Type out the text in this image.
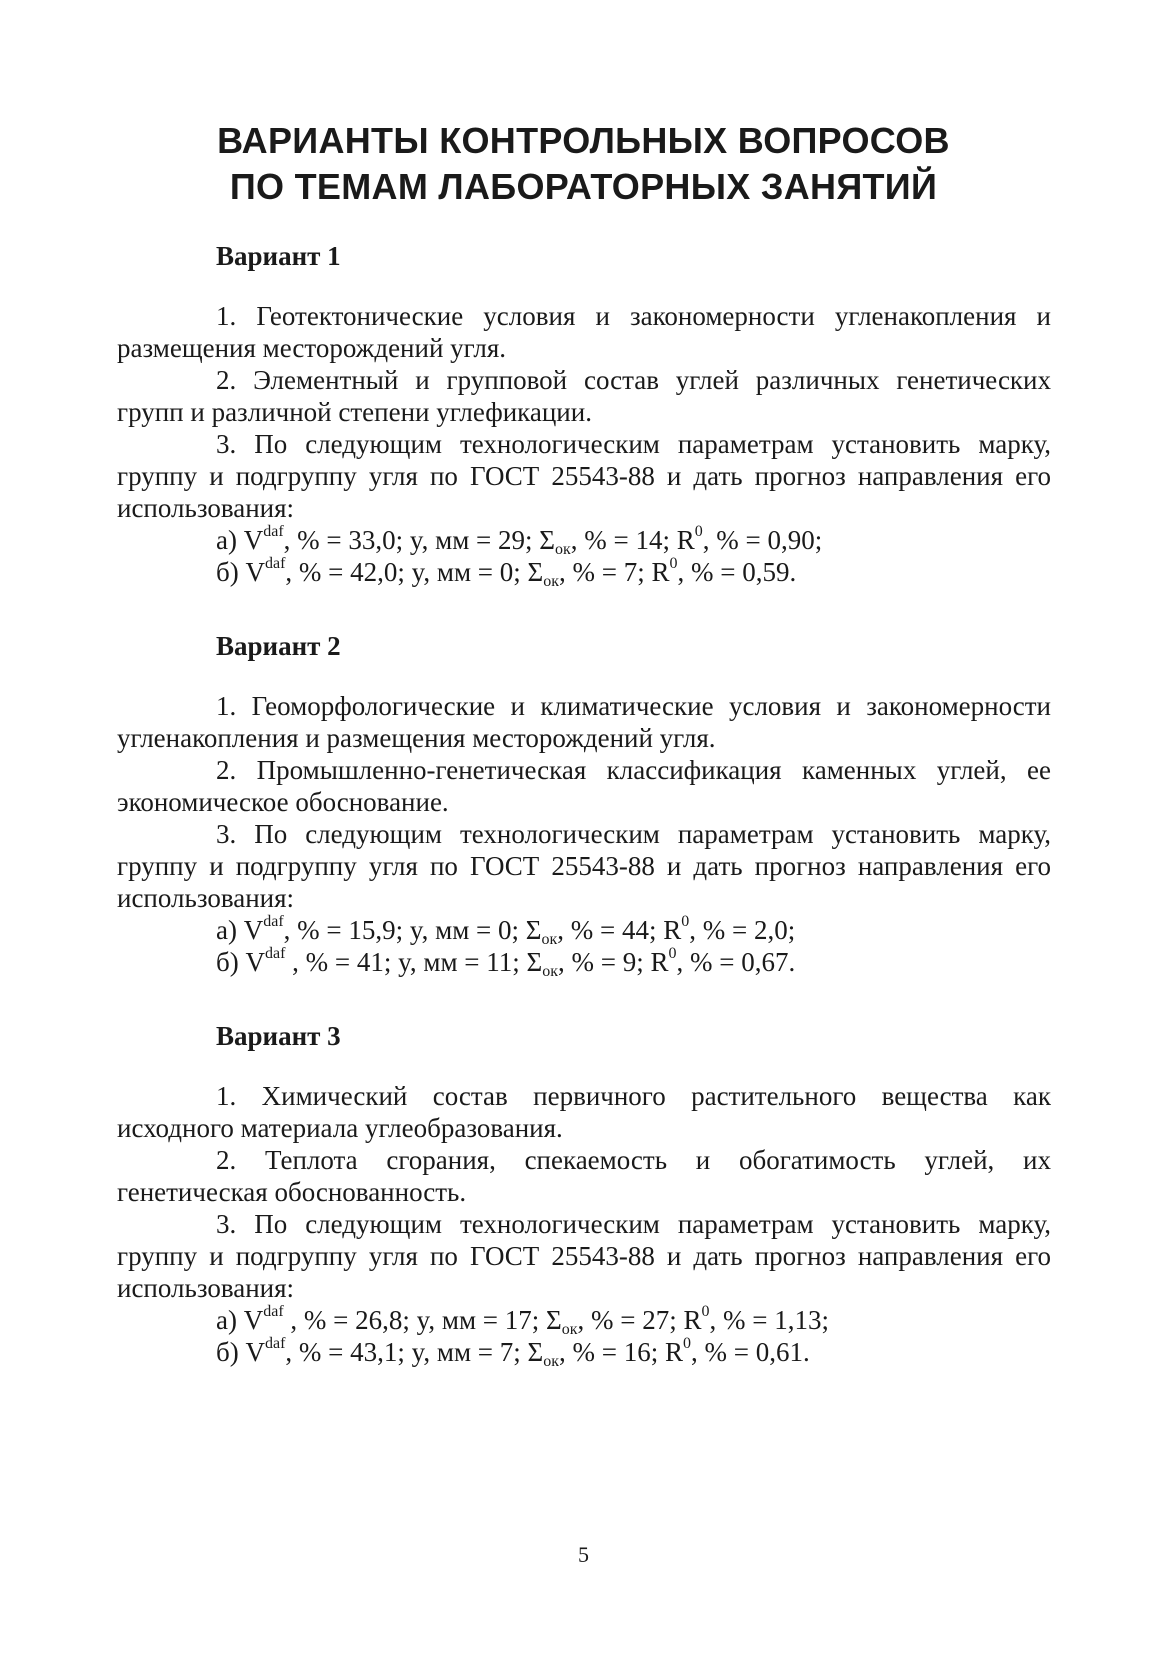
ВАРИАНТЫ КОНТРОЛЬНЫХ ВОПРОСОВ
ПО ТЕМАМ ЛАБОРАТОРНЫХ ЗАНЯТИЙ
Вариант 1

1. Геотектонические условия и закономерности угленакопления и размещения месторождений угля.

2. Элементный и групповой состав углей различных генетических групп и различной степени углефикации.

3. По следующим технологическим параметрам установить марку, группу и подгруппу угля по ГОСТ 25543-88 и дать прогноз направления его использования:

а) $V^{daf}$, % = 33,0; y, мм = 29; $\Sigma_{ок}$, % = 14; $R^0$, % = 0,90;

б) $V^{daf}$, % = 42,0; y, мм = 0; $\Sigma_{ок}$, % = 7; $R^0$, % = 0,59.

Вариант 2

1. Геоморфологические и климатические условия и закономерности угленакопления и размещения месторождений угля.

2. Промышленно-генетическая классификация каменных углей, ее экономическое обоснование.

3. По следующим технологическим параметрам установить марку, группу и подгруппу угля по ГОСТ 25543-88 и дать прогноз направления его использования:

а) $V^{daf}$, % = 15,9; y, мм = 0; $\Sigma_{ок}$, % = 44; $R^0$, % = 2,0;

б) $V^{daf}$ , % = 41; y, мм = 11; $\Sigma_{ок}$, % = 9; $R^0$, % = 0,67.

Вариант 3

1. Химический состав первичного растительного вещества как исходного материала углеобразования.

2. Теплота сгорания, спекаемость и обогатимость углей, их генетическая обоснованность.

3. По следующим технологическим параметрам установить марку, группу и подгруппу угля по ГОСТ 25543-88 и дать прогноз направления его использования:

а) $V^{daf}$ , % = 26,8; y, мм = 17; $\Sigma_{ок}$, % = 27; $R^0$, % = 1,13;

б) $V^{daf}$, % = 43,1; y, мм = 7; $\Sigma_{ок}$, % = 16; $R^0$, % = 0,61.

5
